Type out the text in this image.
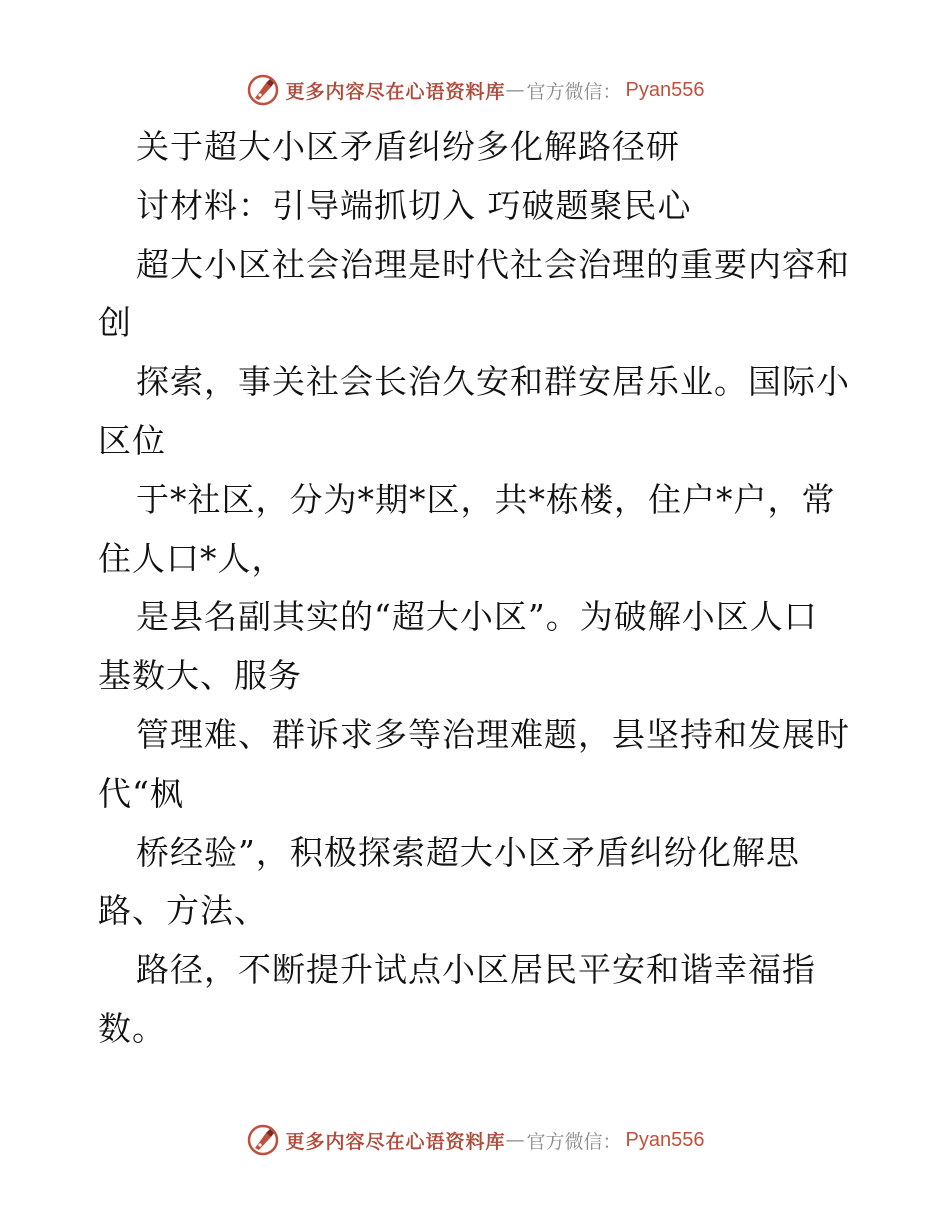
更多内容尽在心语资料库 — 官方微信： Pyan556
关于超大小区矛盾纠纷多化解路径研
讨材料：引导端抓切入 巧破题聚民心
超大小区社会治理是时代社会治理的重要内容和
创
探索，事关社会长治久安和群安居乐业。国际小
区位
于*社区，分为*期*区，共*栋楼，住户*户，常
住人口*人，
是县名副其实的“超大小区”。为破解小区人口
基数大、服务
管理难、群诉求多等治理难题，县坚持和发展时
代“枫
桥经验”，积极探索超大小区矛盾纠纷化解思
路、方法、
路径，不断提升试点小区居民平安和谐幸福指
数。
更多内容尽在心语资料库 — 官方微信： Pyan556
